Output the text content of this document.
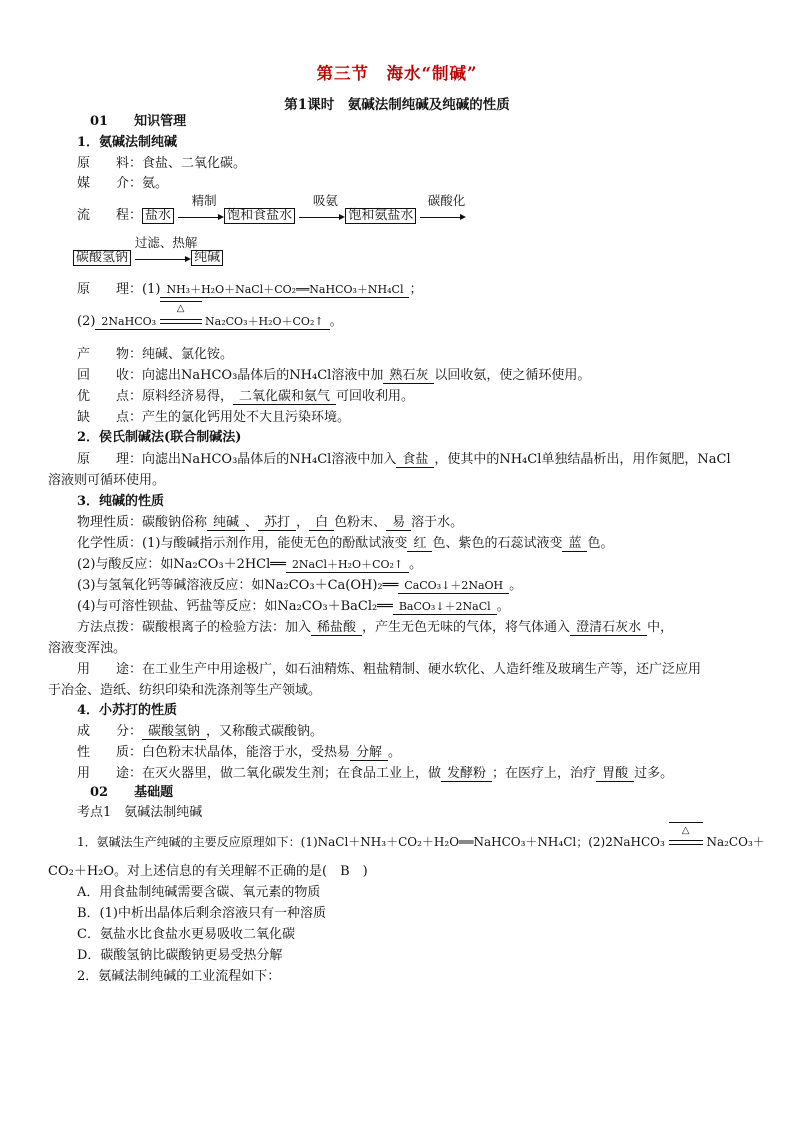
第三节　海水“制碱”
第1课时　氨碱法制纯碱及纯碱的性质
01　　 知识管理
1．氨碱法制纯碱
原　　料：食盐、二氧化碳。
媒　　介：氨。
流　　程： 盐水
精制
饱和食盐水
吸氨
饱和氨盐水
碳酸化
碳酸氢钠
过滤、热解
纯碱
原　　理：(1) NH₃＋H₂O＋NaCl＋CO₂══NaHCO₃＋NH₄Cl ；
(2) 2NaHCO₃
△
Na₂CO₃＋H₂O＋CO₂↑ 。
产　　物：纯碱、氯化铵。
回　　收：向滤出NaHCO₃晶体后的NH₄Cl溶液中加 熟石灰 以回收氨，使之循环使用。
优　　点：原料经济易得， 二氧化碳和氨气 可回收利用。
缺　　点：产生的氯化钙用处不大且污染环境。
2．侯氏制碱法(联合制碱法)
原　　理：向滤出NaHCO₃晶体后的NH₄Cl溶液中加入 食盐 ，使其中的NH₄Cl单独结晶析出，用作氮肥，NaCl
溶液则可循环使用。
3．纯碱的性质
物理性质：碳酸钠俗称 纯碱 、 苏打 ， 白 色粉末、 易 溶于水。
化学性质：(1)与酸碱指示剂作用，能使无色的酚酞试液变 红 色、紫色的石蕊试液变 蓝 色。
(2)与酸反应：如Na₂CO₃＋2HCl══ 2NaCl＋H₂O＋CO₂↑ 。
(3)与氢氧化钙等碱溶液反应：如Na₂CO₃＋Ca(OH)₂══ CaCO₃↓＋2NaOH 。
(4)与可溶性钡盐、钙盐等反应：如Na₂CO₃＋BaCl₂══ BaCO₃↓＋2NaCl 。
方法点拨：碳酸根离子的检验方法：加入 稀盐酸 ，产生无色无味的气体，将气体通入 澄清石灰水 中，
溶液变浑浊。
用　　途：在工业生产中用途极广，如石油精炼、粗盐精制、硬水软化、人造纤维及玻璃生产等，还广泛应用
于冶金、造纸、纺织印染和洗涤剂等生产领域。
4．小苏打的性质
成　　分： 碳酸氢钠 ，又称酸式碳酸钠。
性　　质：白色粉末状晶体，能溶于水，受热易 分解 。
用　　途：在灭火器里，做二氧化碳发生剂；在食品工业上，做 发酵粉 ；在医疗上，治疗 胃酸 过多。
02　　 基础题
考点1　氨碱法制纯碱
1．氨碱法生产纯碱的主要反应原理如下：(1)NaCl＋NH₃＋CO₂＋H₂O══NaHCO₃＋NH₄Cl；(2)2NaHCO₃
△
Na₂CO₃＋
CO₂＋H₂O。对上述信息的有关理解不正确的是(　B　)
A．用食盐制纯碱需要含碳、氧元素的物质
B．(1)中析出晶体后剩余溶液只有一种溶质
C．氨盐水比食盐水更易吸收二氧化碳
D．碳酸氢钠比碳酸钠更易受热分解
2．氨碱法制纯碱的工业流程如下：
